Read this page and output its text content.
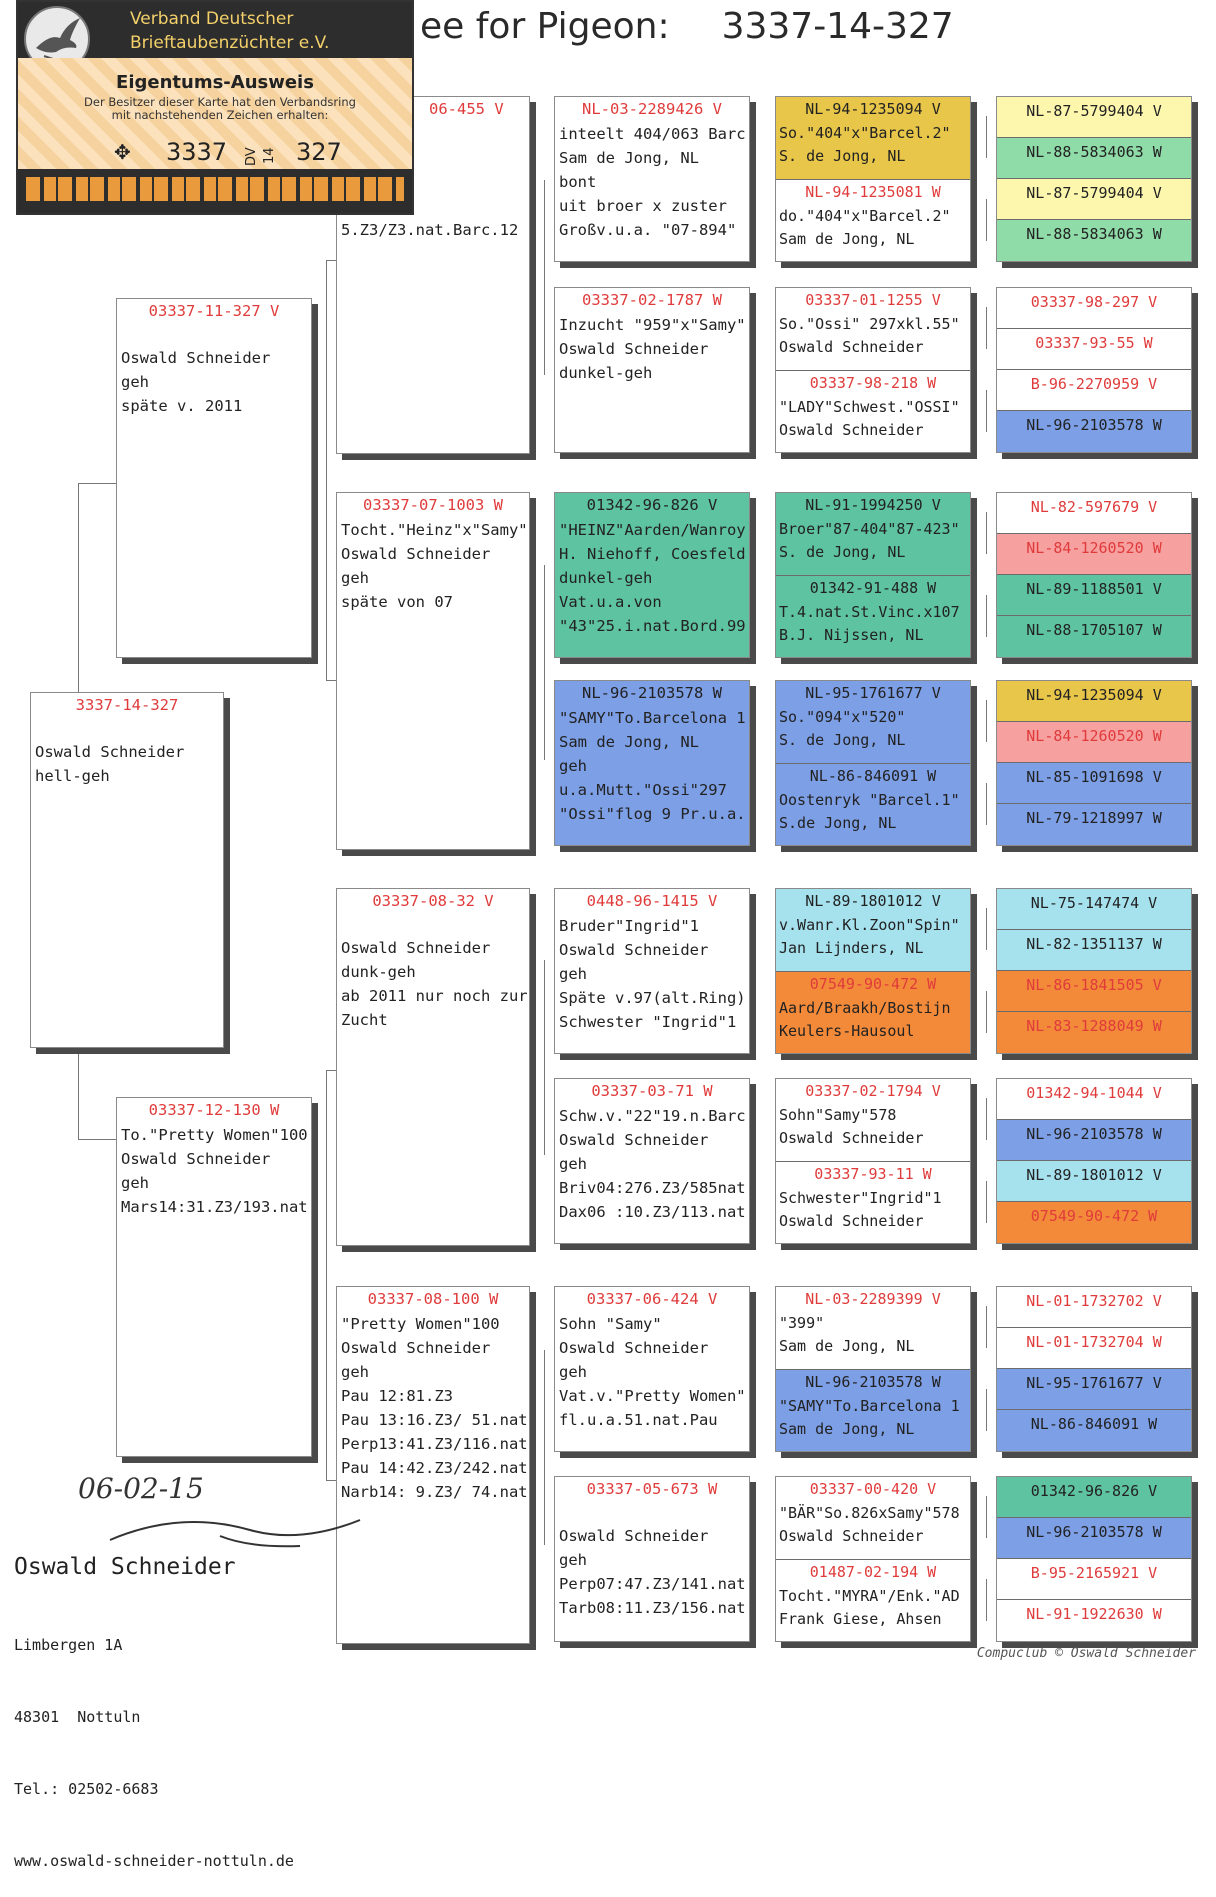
ee for Pigeon: 3337-14-327
3337-14-327
Oswald Schneider
hell-geh
03337-11-327 V
Oswald Schneider
geh
späte v. 2011
03337-12-130 W
To."Pretty Women"100
Oswald Schneider
geh
Mars14:31.Z3/193.nat
06-455 V

5.Z3/Z3.nat.Barc.12
03337-07-1003 W
Tocht."Heinz"x"Samy"
Oswald Schneider
geh
späte von 07
03337-08-32 V
Oswald Schneider
dunk-geh
ab 2011 nur noch zur
Zucht
03337-08-100 W
"Pretty Women"100
Oswald Schneider
geh
Pau 12:81.Z3
Pau 13:16.Z3/ 51.nat
Perp13:41.Z3/116.nat
Pau 14:42.Z3/242.nat
Narb14: 9.Z3/ 74.nat
NL-03-2289426 V
inteelt 404/063 Barc
Sam de Jong, NL
bont
uit broer x zuster
Großv.u.a. "07-894"
03337-02-1787 W
Inzucht "959"x"Samy"
Oswald Schneider
dunkel-geh
01342-96-826 V
"HEINZ"Aarden/Wanroy
H. Niehoff, Coesfeld
dunkel-geh
Vat.u.a.von
"43"25.i.nat.Bord.99
NL-96-2103578 W
"SAMY"To.Barcelona 1
Sam de Jong, NL
geh
u.a.Mutt."Ossi"297
"Ossi"flog 9 Pr.u.a.
0448-96-1415 V
Bruder"Ingrid"1
Oswald Schneider
geh
Späte v.97(alt.Ring)
Schwester "Ingrid"1
03337-03-71 W
Schw.v."22"19.n.Barc
Oswald Schneider
geh
Briv04:276.Z3/585nat
Dax06 :10.Z3/113.nat
03337-06-424 V
Sohn "Samy"
Oswald Schneider
geh
Vat.v."Pretty Women"
fl.u.a.51.nat.Pau
03337-05-673 W
Oswald Schneider
geh
Perp07:47.Z3/141.nat
Tarb08:11.Z3/156.nat
NL-94-1235094 V
So."404"x"Barcel.2"
S. de Jong, NL
NL-94-1235081 W
do."404"x"Barcel.2"
Sam de Jong, NL
03337-01-1255 V
So."Ossi" 297xkl.55"
Oswald Schneider
03337-98-218 W
"LADY"Schwest."OSSI"
Oswald Schneider
NL-91-1994250 V
Broer"87-404"87-423"
S. de Jong, NL
01342-91-488 W
T.4.nat.St.Vinc.x107
B.J. Nijssen, NL
NL-95-1761677 V
So."094"x"520"
S. de Jong, NL
NL-86-846091 W
Oostenryk "Barcel.1"
S.de Jong, NL
NL-89-1801012 V
v.Wanr.Kl.Zoon"Spin"
Jan Lijnders, NL
07549-90-472 W
Aard/Braakh/Bostijn
Keulers-Hausoul
03337-02-1794 V
Sohn"Samy"578
Oswald Schneider
03337-93-11 W
Schwester"Ingrid"1
Oswald Schneider
NL-03-2289399 V
"399"
Sam de Jong, NL
NL-96-2103578 W
"SAMY"To.Barcelona 1
Sam de Jong, NL
03337-00-420 V
"BÄR"So.826xSamy"578
Oswald Schneider
01487-02-194 W
Tocht."MYRA"/Enk."AD
Frank Giese, Ahsen
NL-87-5799404 V
NL-88-5834063 W
NL-87-5799404 V
NL-88-5834063 W
03337-98-297 V
03337-93-55 W
B-96-2270959 V
NL-96-2103578 W
NL-82-597679 V
NL-84-1260520 W
NL-89-1188501 V
NL-88-1705107 W
NL-94-1235094 V
NL-84-1260520 W
NL-85-1091698 V
NL-79-1218997 W
NL-75-147474 V
NL-82-1351137 W
NL-86-1841505 V
NL-83-1288049 W
01342-94-1044 V
NL-96-2103578 W
NL-89-1801012 V
07549-90-472 W
NL-01-1732702 V
NL-01-1732704 W
NL-95-1761677 V
NL-86-846091 W
01342-96-826 V
NL-96-2103578 W
B-95-2165921 V
NL-91-1922630 W
Verband Deutscher
Brieftaubenzüchter e.V.
Eigentums-Ausweis
Der Besitzer dieser Karte hat den Verbandsring mit nachstehenden Zeichen erhalten:
✥ 3337 DV 14 327
06-02-15

Oswald Schneider

Limbergen 1A

48301  Nottuln

Tel.: 02502-6683

www.oswald-schneider-nottuln.de

Compuclub © Oswald Schneider
